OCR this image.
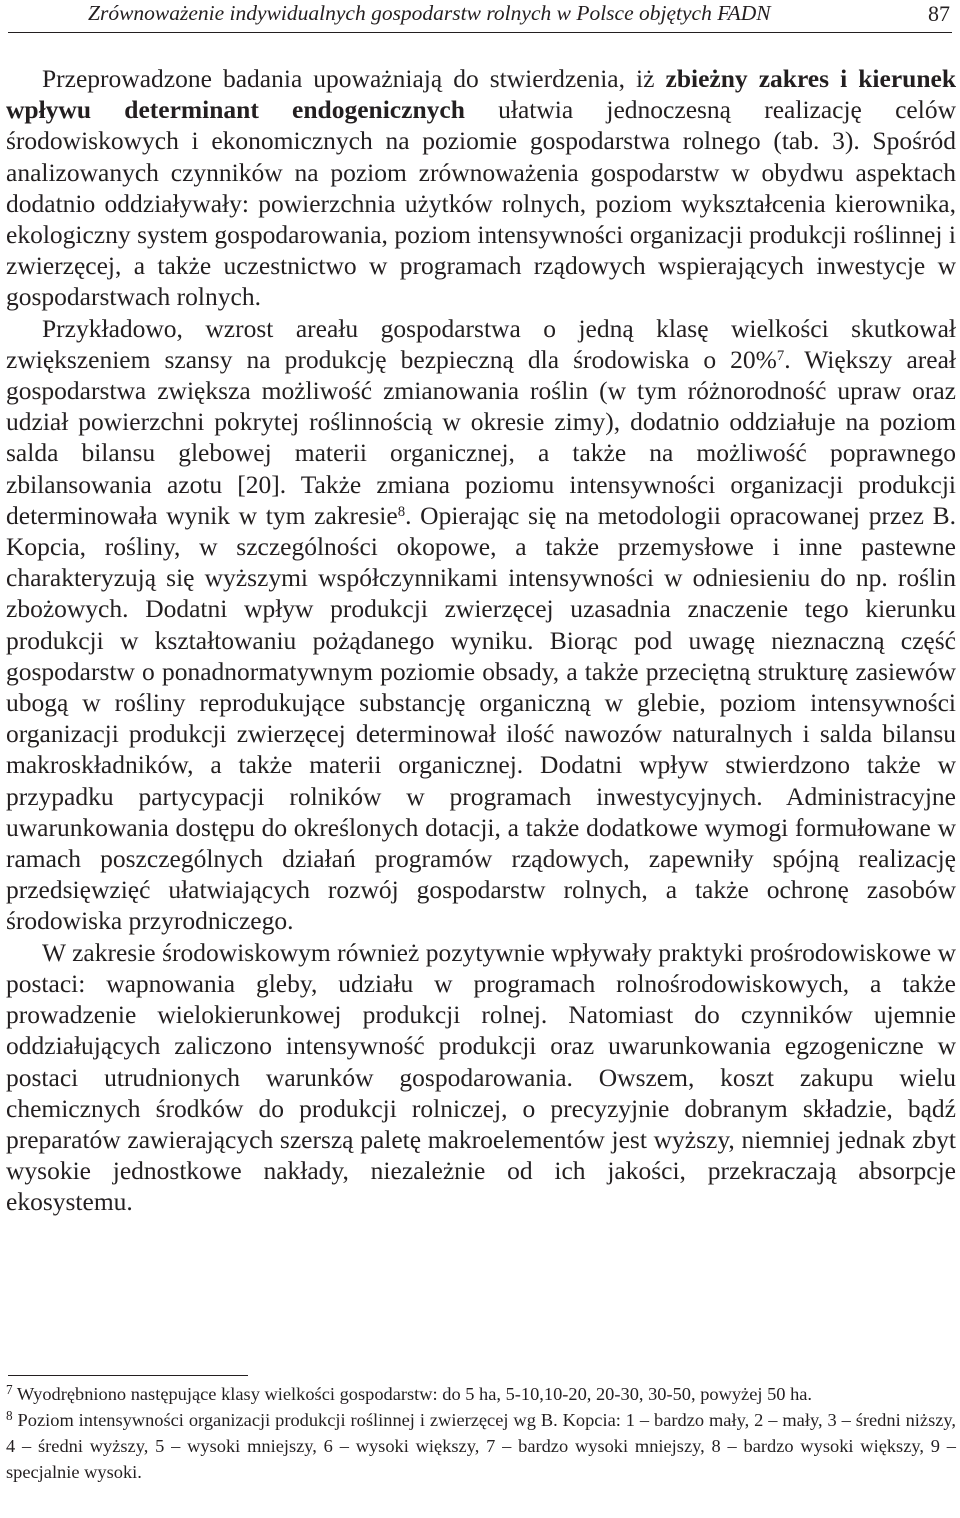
Zrównoważenie indywidualnych gospodarstw rolnych w Polsce objętych FADN	87

Przeprowadzone badania upoważniają do stwierdzenia, iż zbieżny zakres i kierunek wpływu determinant endogenicznych ułatwia jednoczesną realizację celów środowiskowych i ekonomicznych na poziomie gospodarstwa rolnego (tab. 3). Spośród analizowanych czynników na poziom zrównoważenia gospodarstw w obydwu aspektach dodatnio oddziaływały: powierzchnia użytków rolnych, poziom wykształcenia kierownika, ekologiczny system gospodarowania, poziom intensywności organizacji produkcji roślinnej i zwierzęcej, a także uczestnictwo w programach rządowych wspierających inwestycje w gospodarstwach rolnych.

Przykładowo, wzrost areału gospodarstwa o jedną klasę wielkości skutkował zwiększeniem szansy na produkcję bezpieczną dla środowiska o 20%$^7$. Większy areał gospodarstwa zwiększa możliwość zmianowania roślin (w tym różnorodność upraw oraz udział powierzchni pokrytej roślinnością w okresie zimy), dodatnio oddziałuje na poziom salda bilansu glebowej materii organicznej, a także na możliwość poprawnego zbilansowania azotu [20]. Także zmiana poziomu intensywności organizacji produkcji determinowała wynik w tym zakresie$^8$. Opierając się na metodologii opracowanej przez B. Kopcia, rośliny, w szczególności okopowe, a także przemysłowe i inne pastewne charakteryzują się wyższymi współczynnikami intensywności w odniesieniu do np. roślin zbożowych. Dodatni wpływ produkcji zwierzęcej uzasadnia znaczenie tego kierunku produkcji w kształtowaniu pożądanego wyniku. Biorąc pod uwagę nieznaczną część gospodarstw o ponadnormatywnym poziomie obsady, a także przeciętną strukturę zasiewów ubogą w rośliny reprodukujące substancję organiczną w glebie, poziom intensywności organizacji produkcji zwierzęcej determinował ilość nawozów naturalnych i salda bilansu makroskładników, a także materii organicznej. Dodatni wpływ stwierdzono także w przypadku partycypacji rolników w programach inwestycyjnych. Administracyjne uwarunkowania dostępu do określonych dotacji, a także dodatkowe wymogi formułowane w ramach poszczególnych działań programów rządowych, zapewniły spójną realizację przedsięwzięć ułatwiających rozwój gospodarstw rolnych, a także ochronę zasobów środowiska przyrodniczego.

W zakresie środowiskowym również pozytywnie wpływały praktyki prośrodowiskowe w postaci: wapnowania gleby, udziału w programach rolnośrodowiskowych, a także prowadzenie wielokierunkowej produkcji rolnej. Natomiast do czynników ujemnie oddziałujących zaliczono intensywność produkcji oraz uwarunkowania egzogeniczne w postaci utrudnionych warunków gospodarowania. Owszem, koszt zakupu wielu chemicznych środków do produkcji rolniczej, o precyzyjnie dobranym składzie, bądź preparatów zawierających szerszą paletę makroelementów jest wyższy, niemniej jednak zbyt wysokie jednostkowe nakłady, niezależnie od ich jakości, przekraczają absorpcje ekosystemu.

$^7$ Wyodrębniono następujące klasy wielkości gospodarstw: do 5 ha, 5-10,10-20, 20-30, 30-50, powyżej 50 ha.

$^8$ Poziom intensywności organizacji produkcji roślinnej i zwierzęcej wg B. Kopcia: 1 – bardzo mały, 2 – mały, 3 – średni niższy, 4 – średni wyższy, 5 – wysoki mniejszy, 6 – wysoki większy, 7 – bardzo wysoki mniejszy, 8 – bardzo wysoki większy, 9 – specjalnie wysoki.
